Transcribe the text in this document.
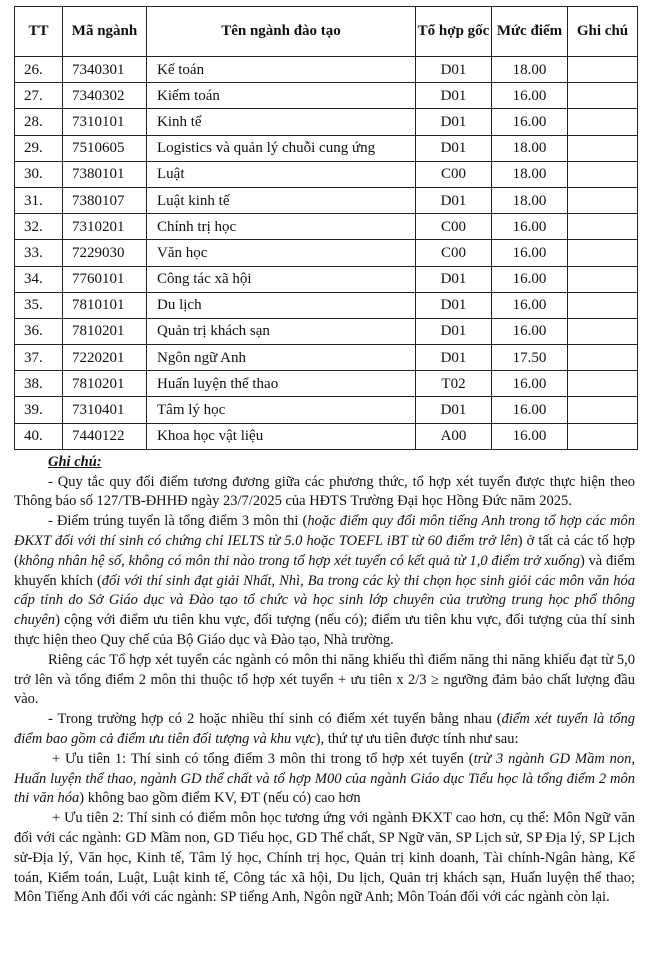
TT	Mã ngành	Tên ngành đào tạo	Tổ hợp gốc	Mức điểm	Ghi chú
26.	7340301	Kế toán	D01	18.00	
27.	7340302	Kiểm toán	D01	16.00	
28.	7310101	Kinh tế	D01	16.00	
29.	7510605	Logistics và quản lý chuỗi cung ứng	D01	18.00	
30.	7380101	Luật	C00	18.00	
31.	7380107	Luật kinh tế	D01	18.00	
32.	7310201	Chính trị học	C00	16.00	
33.	7229030	Văn học	C00	16.00	
34.	7760101	Công tác xã hội	D01	16.00	
35.	7810101	Du lịch	D01	16.00	
36.	7810201	Quản trị khách sạn	D01	16.00	
37.	7220201	Ngôn ngữ Anh	D01	17.50	
38.	7810201	Huấn luyện thể thao	T02	16.00	
39.	7310401	Tâm lý học	D01	16.00	
40.	7440122	Khoa học vật liệu	A00	16.00	

Ghi chú:

- Quy tắc quy đổi điểm tương đương giữa các phương thức, tổ hợp xét tuyển được thực hiện theo Thông báo số 127/TB-ĐHHĐ ngày 23/7/2025 của HĐTS Trường Đại học Hồng Đức năm 2025.

- Điểm trúng tuyển là tổng điểm 3 môn thi (hoặc điểm quy đổi môn tiếng Anh trong tổ hợp các môn ĐKXT đối với thí sinh có chứng chỉ IELTS từ 5.0 hoặc TOEFL iBT từ 60 điểm trở lên) ở tất cả các tổ hợp (không nhân hệ số, không có môn thi nào trong tổ hợp xét tuyển có kết quả từ 1,0 điểm trở xuống) và điểm khuyến khích (đối với thí sinh đạt giải Nhất, Nhì, Ba trong các kỳ thi chọn học sinh giỏi các môn văn hóa cấp tỉnh do Sở Giáo dục và Đào tạo tổ chức và học sinh lớp chuyên của trường trung học phổ thông chuyên) cộng với điểm ưu tiên khu vực, đối tượng (nếu có); điểm ưu tiên khu vực, đối tượng của thí sinh thực hiện theo Quy chế của Bộ Giáo dục và Đào tạo, Nhà trường.

Riêng các Tổ hợp xét tuyển các ngành có môn thi năng khiếu thì điểm năng thi năng khiếu đạt từ 5,0 trở lên và tổng điểm 2 môn thi thuộc tổ hợp xét tuyển + ưu tiên x 2/3 ≥ ngưỡng đảm bảo chất lượng đầu vào.

- Trong trường hợp có 2 hoặc nhiều thí sinh có điểm xét tuyển bằng nhau (điểm xét tuyển là tổng điểm bao gồm cả điểm ưu tiên đối tượng và khu vực), thứ tự ưu tiên được tính như sau:

+ Ưu tiên 1: Thí sinh có tổng điểm 3 môn thi trong tổ hợp xét tuyển (trừ 3 ngành GD Mầm non, Huấn luyện thể thao, ngành GD thể chất và tổ hợp M00 của ngành Giáo dục Tiểu học là tổng điểm 2 môn thi văn hóa) không bao gồm điểm KV, ĐT (nếu có) cao hơn

+ Ưu tiên 2: Thí sinh có điểm môn học tương ứng với ngành ĐKXT cao hơn, cụ thể: Môn Ngữ văn đối với các ngành: GD Mầm non, GD Tiểu học, GD Thể chất, SP Ngữ văn, SP Lịch sử, SP Địa lý, SP Lịch sử-Địa lý, Văn học, Kinh tế, Tâm lý học, Chính trị học, Quản trị kinh doanh, Tài chính-Ngân hàng, Kế toán, Kiểm toán, Luật, Luật kinh tế, Công tác xã hội, Du lịch, Quản trị khách sạn, Huấn luyện thể thao; Môn Tiếng Anh đối với các ngành: SP tiếng Anh, Ngôn ngữ Anh; Môn Toán đối với các ngành còn lại.
